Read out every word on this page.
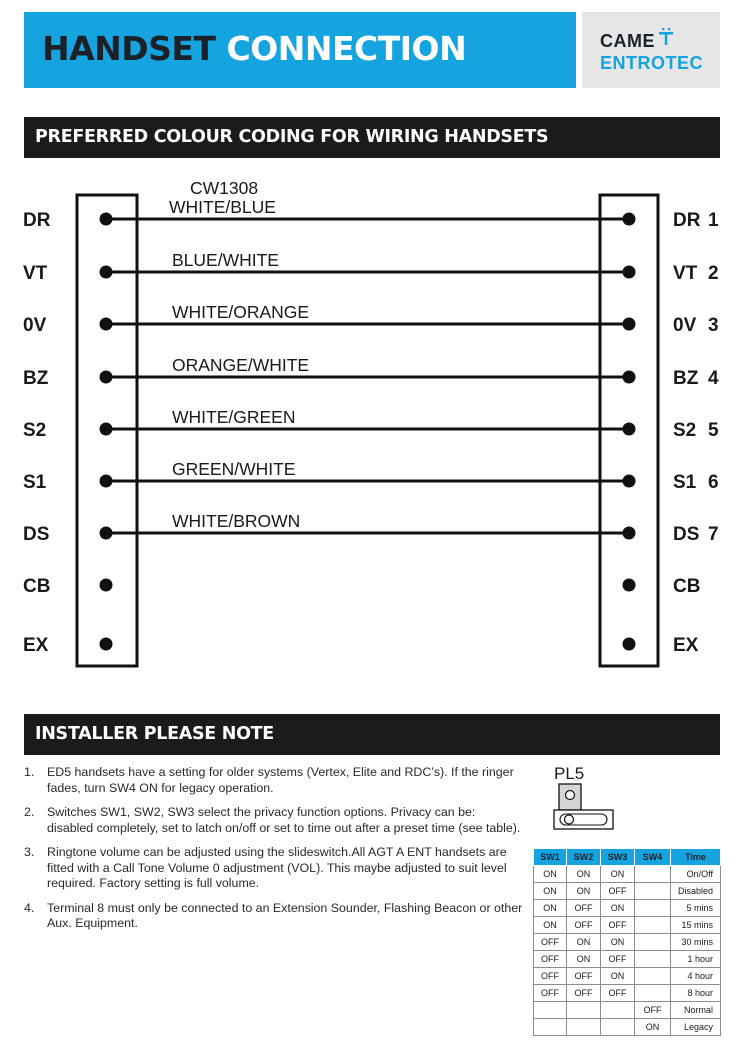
HANDSET CONNECTION	CAME
ENTROTEC
PREFERRED COLOUR CODING FOR WIRING HANDSETS
CW1308
DR
VT
0V
BZ
S2
S1
DS
CB
EX
DR 1
VT 2
0V 3
BZ 4
S2 5
S1 6
DS 7
CB
EX
WHITE/BLUE
BLUE/WHITE
WHITE/ORANGE
ORANGE/WHITE
WHITE/GREEN
GREEN/WHITE
WHITE/BROWN
INSTALLER PLEASE NOTE
1. ED5 handsets have a setting for older systems (Vertex, Elite and RDC’s). If the ringer fades, turn SW4 ON for legacy operation.
2. Switches SW1, SW2, SW3 select the privacy function options. Privacy can be: disabled completely, set to latch on/off or set to time out after a preset time (see table).
3. Ringtone volume can be adjusted using the slideswitch.All AGT A ENT handsets are fitted with a Call Tone Volume 0 adjustment (VOL). This maybe adjusted to suit level required. Factory setting is full volume.
4. Terminal 8 must only be connected to an Extension Sounder, Flashing Beacon or other Aux. Equipment.
PL5
SW1	SW2	SW3	SW4	Time
ON	ON	ON		On/Off
ON	ON	OFF		Disabled
ON	OFF	ON		5 mins
ON	OFF	OFF		15 mins
OFF	ON	ON		30 mins
OFF	ON	OFF		1 hour
OFF	OFF	ON		4 hour
OFF	OFF	OFF		8 hour
			OFF	Normal
			ON	Legacy
